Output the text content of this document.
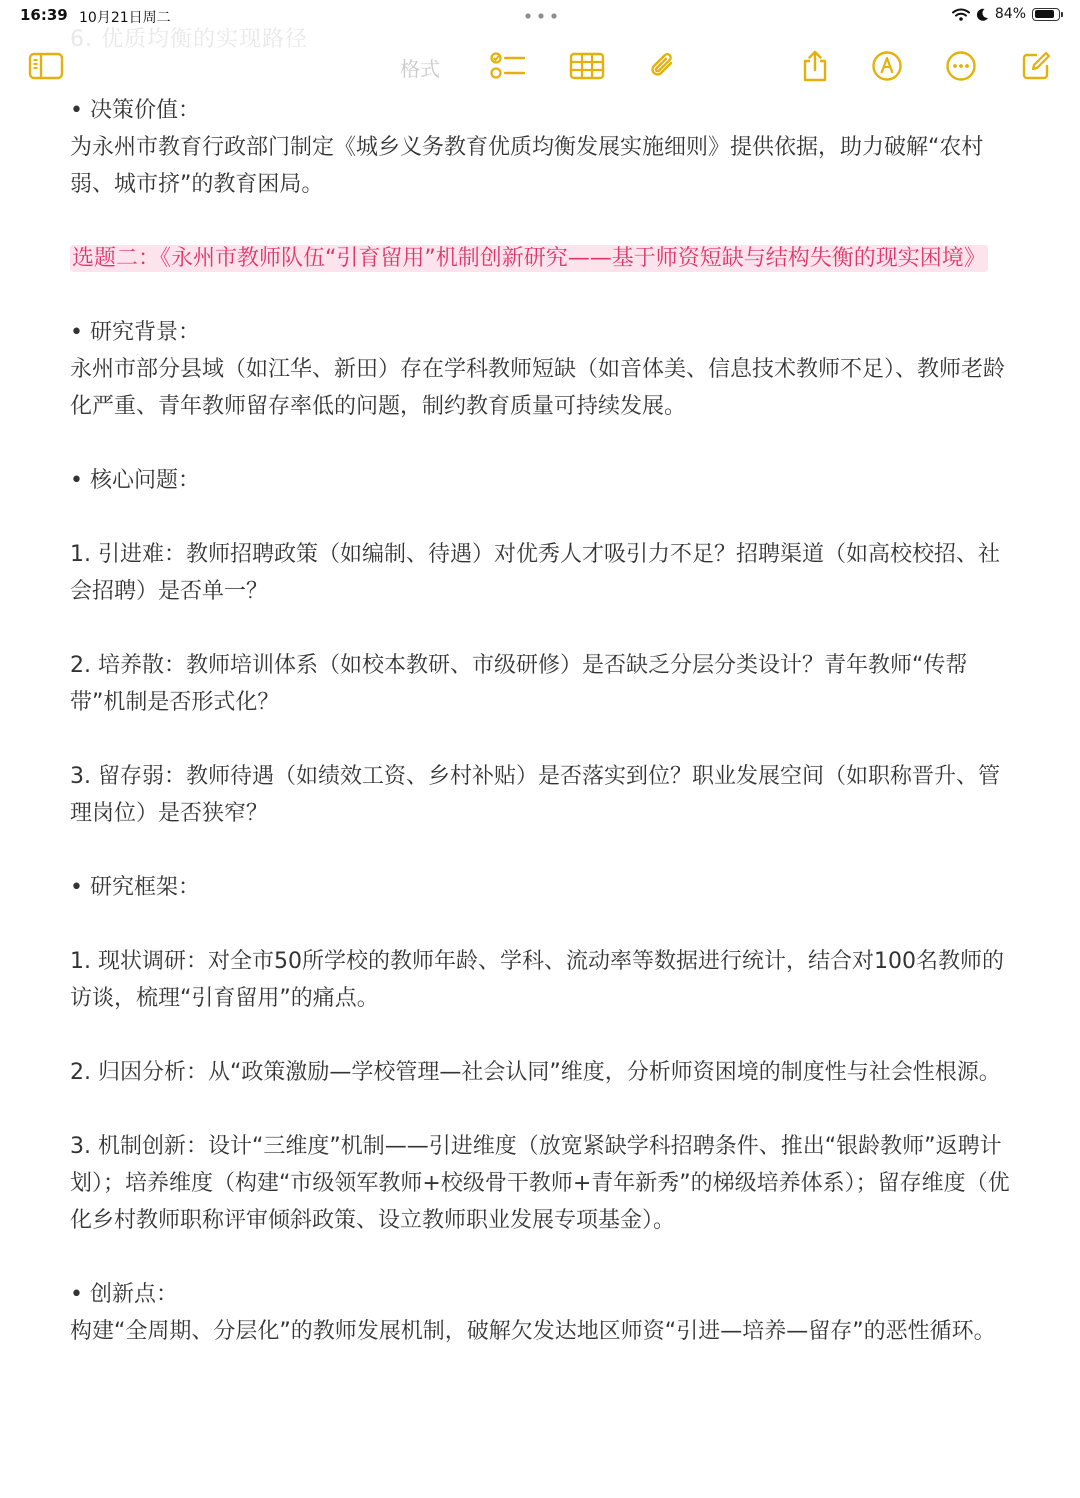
16:39 10月21日周二	84%
6. 优质均衡的实现路径
格式

• 决策价值：

为永州市教育行政部门制定《城乡义务教育优质均衡发展实施细则》提供依据，助力破解“农村弱、城市挤”的教育困局。

选题二：《永州市教师队伍“引育留用”机制创新研究——基于师资短缺与结构失衡的现实困境》

• 研究背景：

永州市部分县域（如江华、新田）存在学科教师短缺（如音体美、信息技术教师不足）、教师老龄化严重、青年教师留存率低的问题，制约教育质量可持续发展。

• 核心问题：

1. 引进难：教师招聘政策（如编制、待遇）对优秀人才吸引力不足？招聘渠道（如高校校招、社会招聘）是否单一？

2. 培养散：教师培训体系（如校本教研、市级研修）是否缺乏分层分类设计？青年教师“传帮带”机制是否形式化？

3. 留存弱：教师待遇（如绩效工资、乡村补贴）是否落实到位？职业发展空间（如职称晋升、管理岗位）是否狭窄？

• 研究框架：

1. 现状调研：对全市50所学校的教师年龄、学科、流动率等数据进行统计，结合对100名教师的访谈，梳理“引育留用”的痛点。

2. 归因分析：从“政策激励—学校管理—社会认同”维度，分析师资困境的制度性与社会性根源。

3. 机制创新：设计“三维度”机制——引进维度（放宽紧缺学科招聘条件、推出“银龄教师”返聘计划）；培养维度（构建“市级领军教师+校级骨干教师+青年新秀”的梯级培养体系）；留存维度（优化乡村教师职称评审倾斜政策、设立教师职业发展专项基金）。

• 创新点：

构建“全周期、分层化”的教师发展机制，破解欠发达地区师资“引进—培养—留存”的恶性循环。
